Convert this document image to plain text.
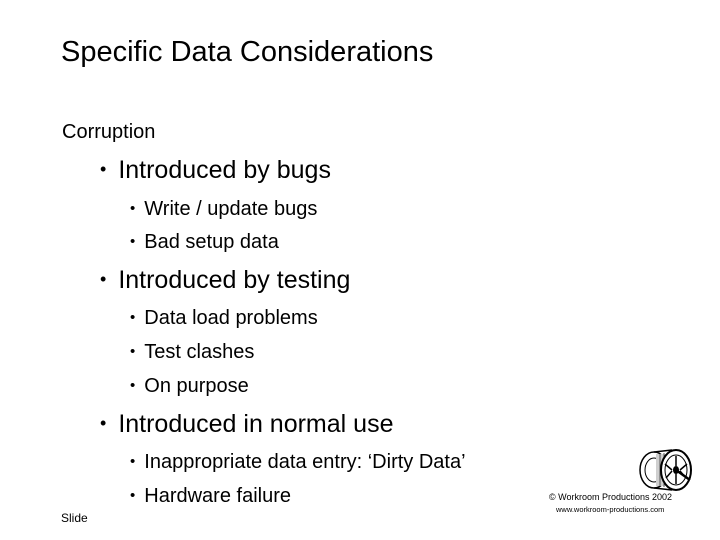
Specific Data Considerations
Corruption
• Introduced by bugs
• Write / update bugs
• Bad setup data
• Introduced by testing
• Data load problems
• Test clashes
• On purpose
• Introduced in normal use
• Inappropriate data entry: ‘Dirty Data’
• Hardware failure
Slide
© Workroom Productions 2002
www.workroom-productions.com
